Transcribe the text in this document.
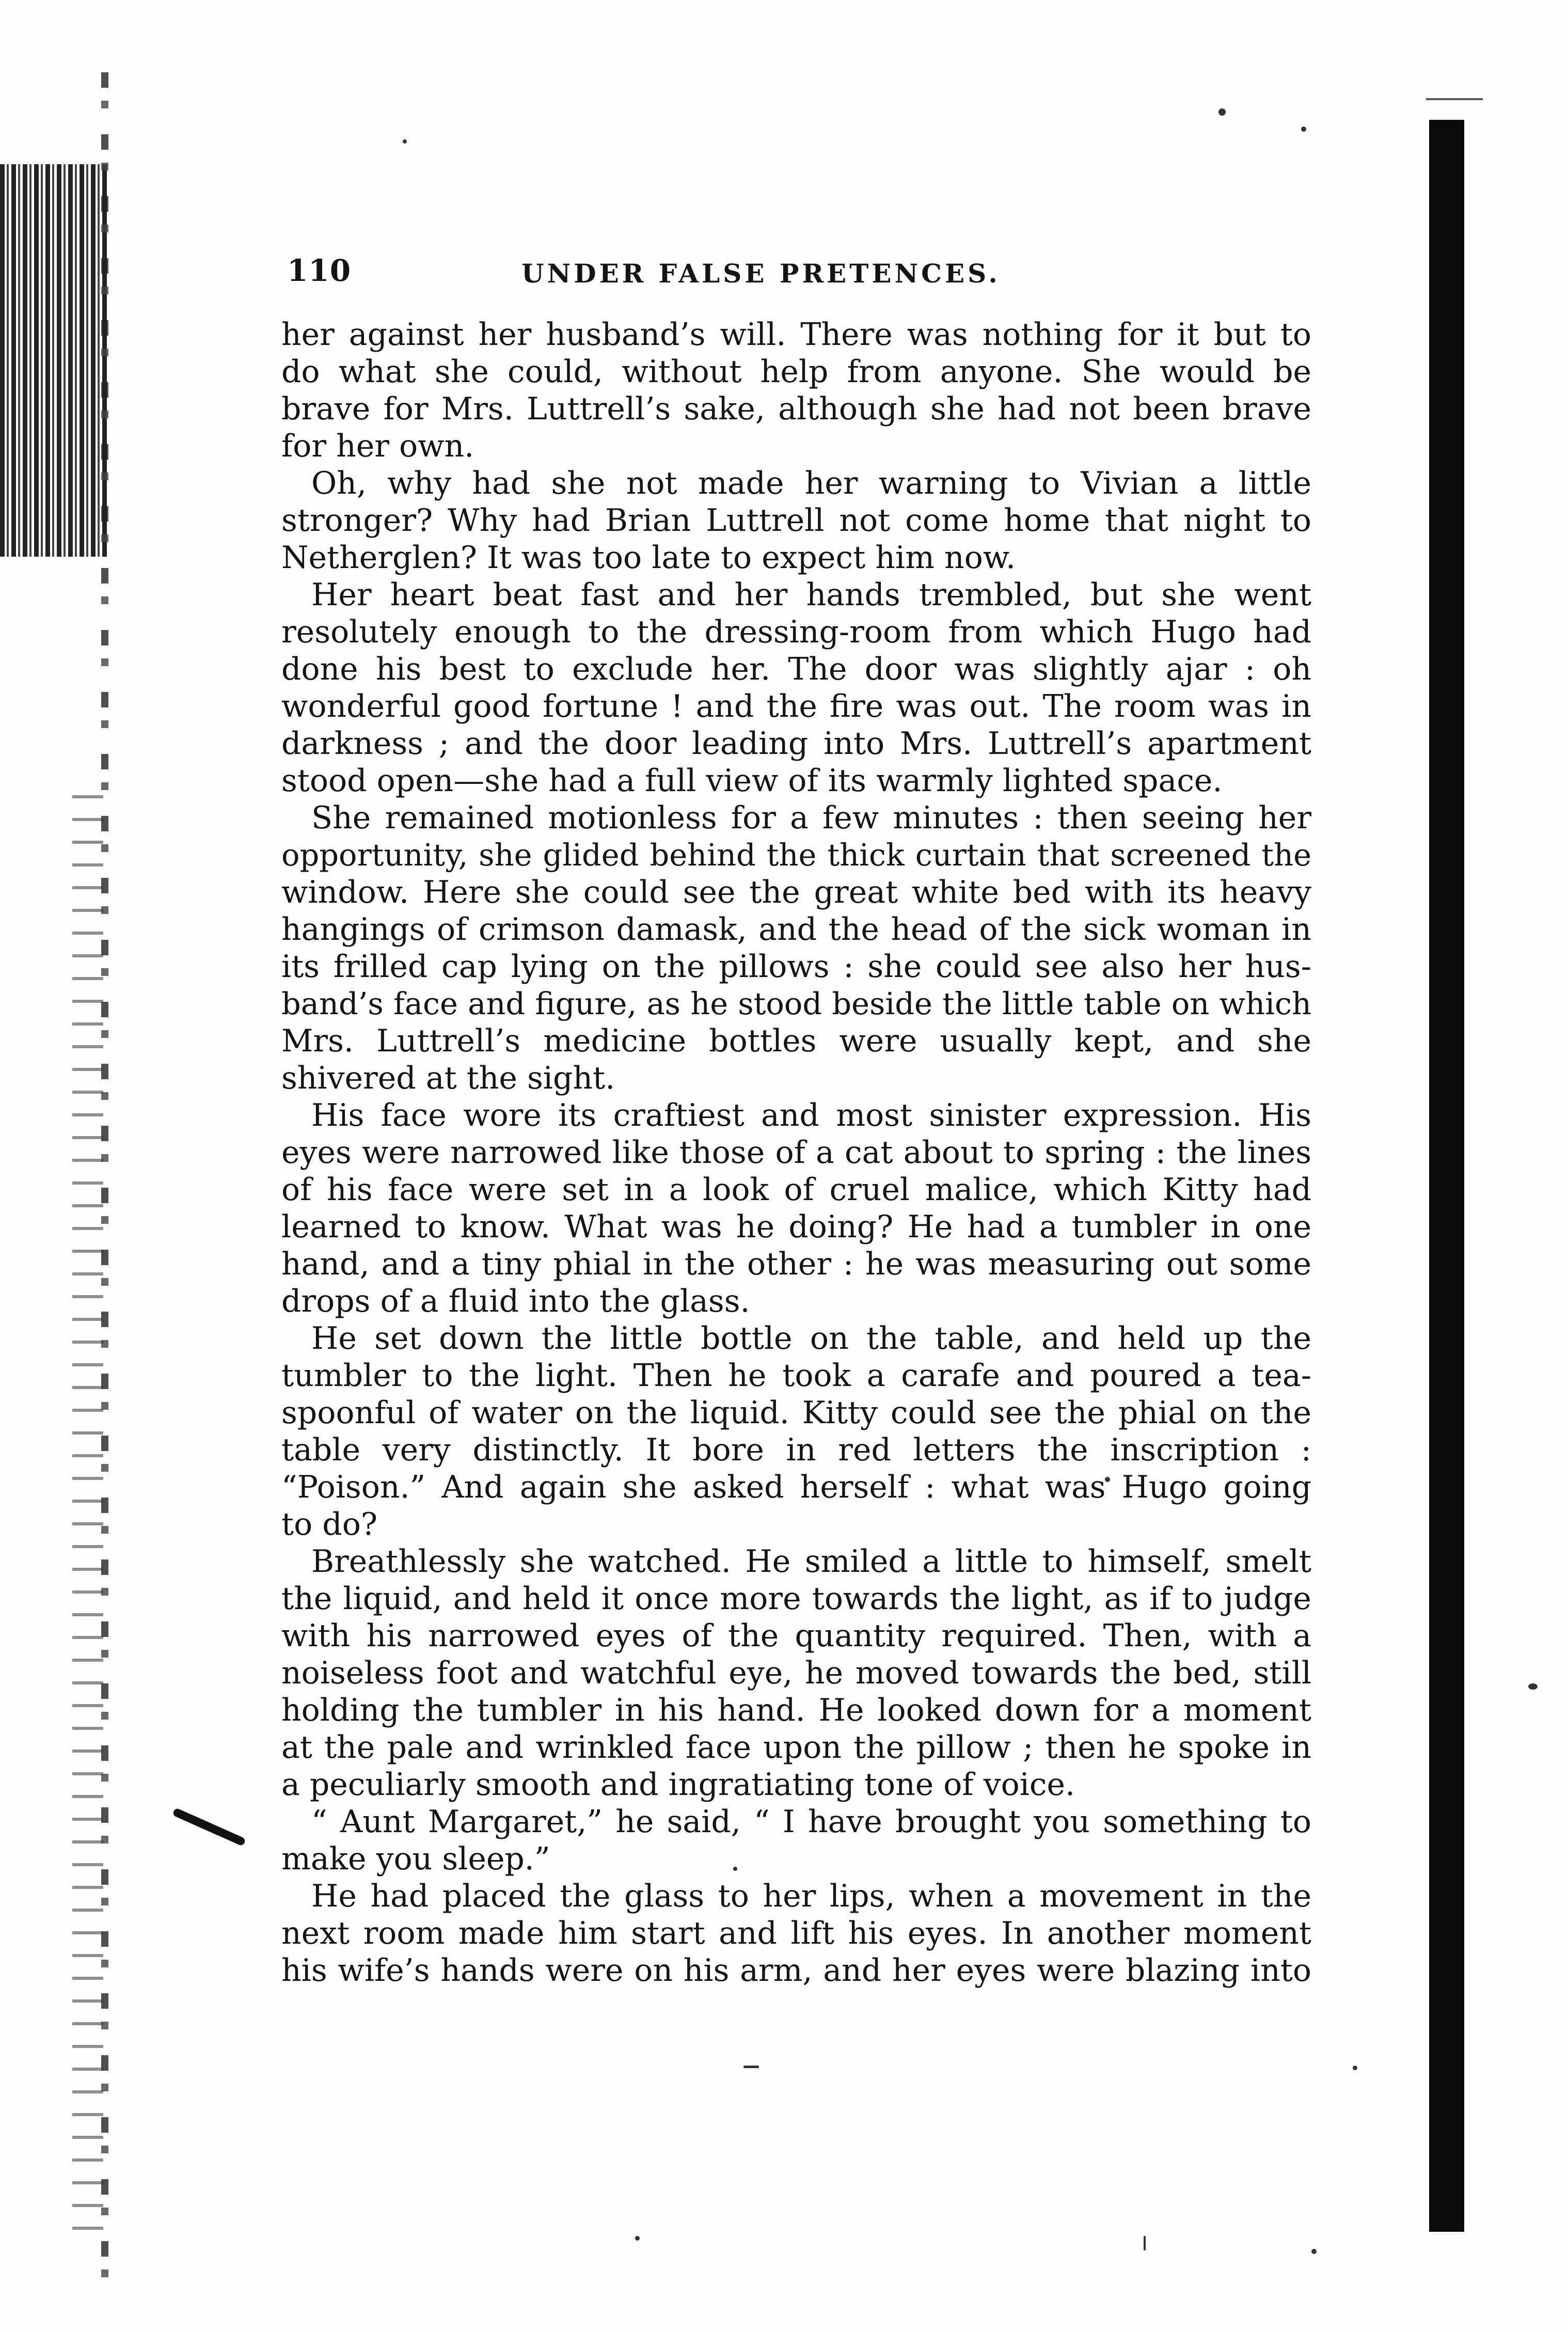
110	UNDER FALSE PRETENCES.
her against her husband’s will. There was nothing for it but to
do what she could, without help from anyone. She would be
brave for Mrs. Luttrell’s sake, although she had not been brave
for her own.
Oh, why had she not made her warning to Vivian a little
stronger? Why had Brian Luttrell not come home that night to
Netherglen? It was too late to expect him now.
Her heart beat fast and her hands trembled, but she went
resolutely enough to the dressing-room from which Hugo had
done his best to exclude her. The door was slightly ajar : oh
wonderful good fortune ! and the fire was out. The room was in
darkness ; and the door leading into Mrs. Luttrell’s apartment
stood open—she had a full view of its warmly lighted space.
She remained motionless for a few minutes : then seeing her
opportunity, she glided behind the thick curtain that screened the
window. Here she could see the great white bed with its heavy
hangings of crimson damask, and the head of the sick woman in
its frilled cap lying on the pillows : she could see also her hus-
band’s face and figure, as he stood beside the little table on which
Mrs. Luttrell’s medicine bottles were usually kept, and she
shivered at the sight.
His face wore its craftiest and most sinister expression. His
eyes were narrowed like those of a cat about to spring : the lines
of his face were set in a look of cruel malice, which Kitty had
learned to know. What was he doing? He had a tumbler in one
hand, and a tiny phial in the other : he was measuring out some
drops of a fluid into the glass.
He set down the little bottle on the table, and held up the
tumbler to the light. Then he took a carafe and poured a tea-
spoonful of water on the liquid. Kitty could see the phial on the
table very distinctly. It bore in red letters the inscription :
“Poison.” And again she asked herself : what was Hugo going
to do?
Breathlessly she watched. He smiled a little to himself, smelt
the liquid, and held it once more towards the light, as if to judge
with his narrowed eyes of the quantity required. Then, with a
noiseless foot and watchful eye, he moved towards the bed, still
holding the tumbler in his hand. He looked down for a moment
at the pale and wrinkled face upon the pillow ; then he spoke in
a peculiarly smooth and ingratiating tone of voice.
“ Aunt Margaret,” he said, “ I have brought you something to
make you sleep.”
He had placed the glass to her lips, when a movement in the
next room made him start and lift his eyes. In another moment
his wife’s hands were on his arm, and her eyes were blazing into
